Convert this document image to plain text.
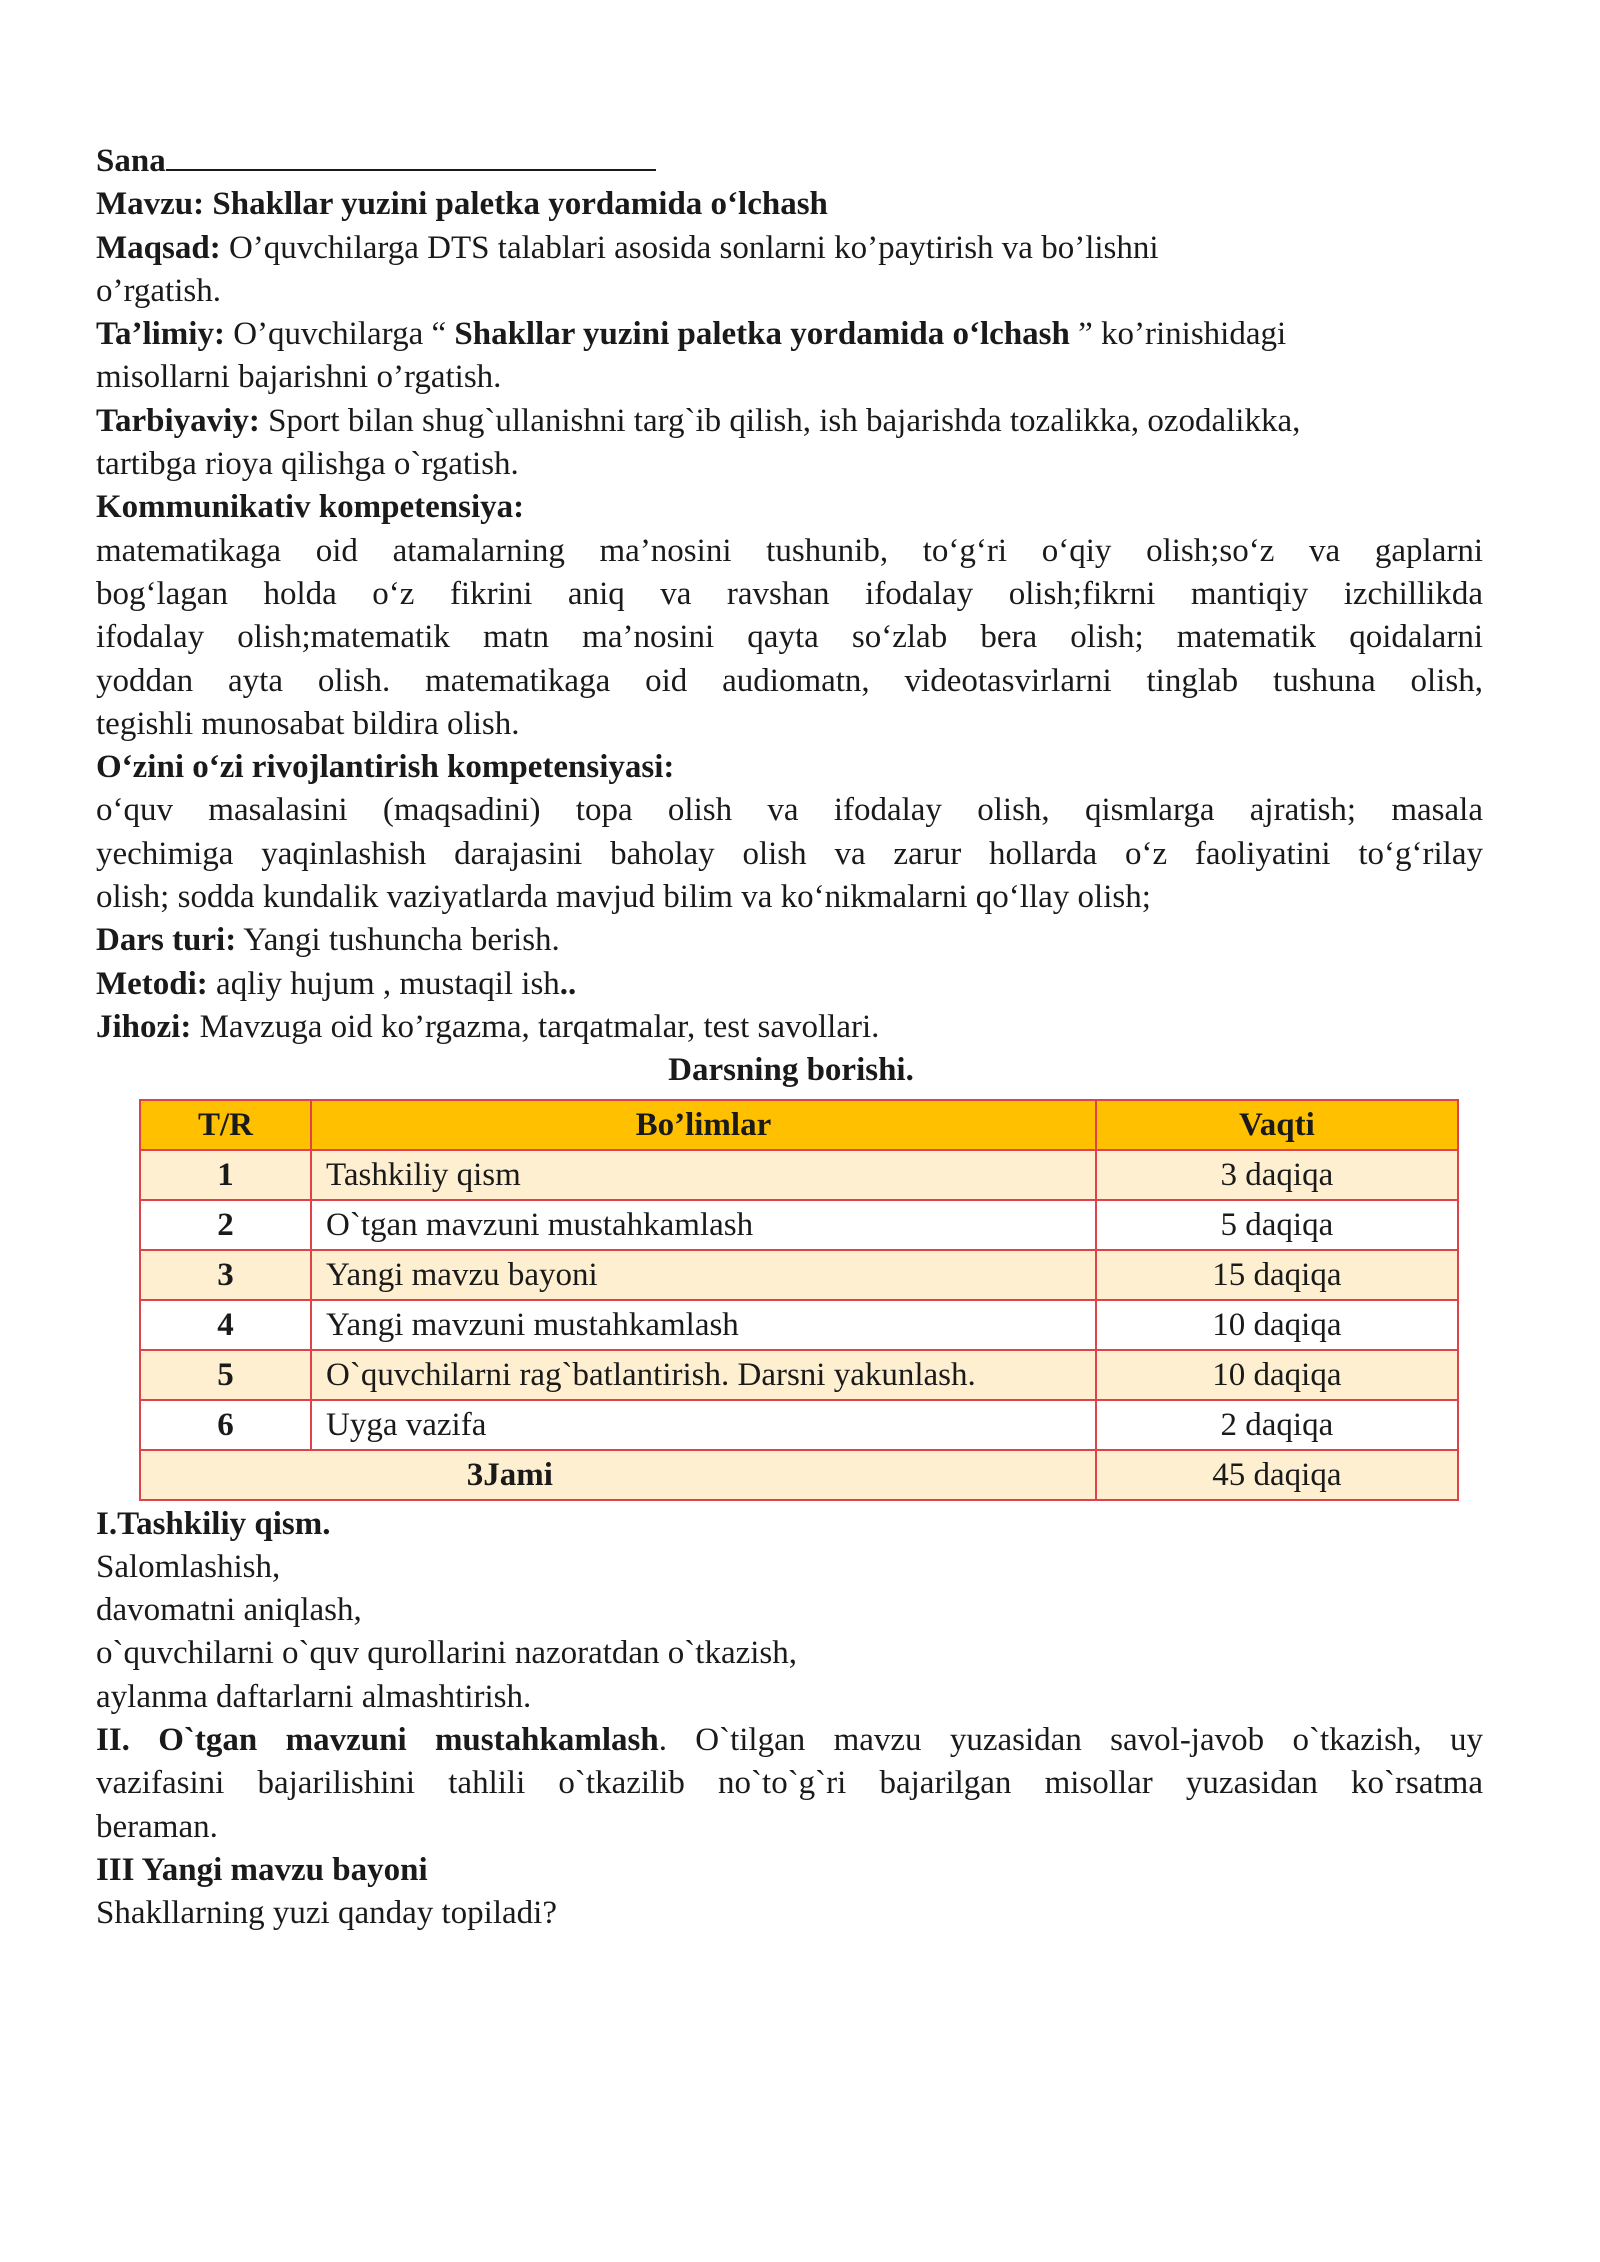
Sana

Mavzu: Shakllar yuzini paletka yordamida o‘lchash

Maqsad: O’quvchilarga DTS talablari asosida sonlarni ko’paytirish va bo’lishni

o’rgatish.

Ta’limiy: O’quvchilarga “ Shakllar yuzini paletka yordamida o‘lchash ” ko’rinishidagi

misollarni bajarishni o’rgatish.

Tarbiyaviy: Sport bilan shug`ullanishni targ`ib qilish, ish bajarishda tozalikka, ozodalikka,

tartibga rioya qilishga o`rgatish.

Kommunikativ kompetensiya:

matematikaga oid atamalarning ma’nosini tushunib, to‘g‘ri o‘qiy olish;so‘z va gaplarni

bog‘lagan holda o‘z fikrini aniq va ravshan ifodalay olish;fikrni mantiqiy izchillikda

ifodalay olish;matematik matn ma’nosini qayta so‘zlab bera olish; matematik qoidalarni

yoddan ayta olish. matematikaga oid audiomatn, videotasvirlarni tinglab tushuna olish,

tegishli munosabat bildira olish.

O‘zini o‘zi rivojlantirish kompetensiyasi:

o‘quv masalasini (maqsadini) topa olish va ifodalay olish, qismlarga ajratish; masala

yechimiga yaqinlashish darajasini baholay olish va zarur hollarda o‘z faoliyatini to‘g‘rilay

olish; sodda kundalik vaziyatlarda mavjud bilim va ko‘nikmalarni qo‘llay olish;

Dars turi: Yangi tushuncha berish.

Metodi: aqliy hujum , mustaqil ish..

Jihozi: Mavzuga oid ko’rgazma, tarqatmalar, test savollari.

Darsning borishi.

T/R	Bo’limlar	Vaqti
1	Tashkiliy qism	3 daqiqa
2	O`tgan mavzuni mustahkamlash	5 daqiqa
3	Yangi mavzu bayoni	15 daqiqa
4	Yangi mavzuni mustahkamlash	10 daqiqa
5	O`quvchilarni rag`batlantirish. Darsni yakunlash.	10 daqiqa
6	Uyga vazifa	2 daqiqa
3Jami		45 daqiqa

I.Tashkiliy qism.

Salomlashish,

davomatni aniqlash,

o`quvchilarni o`quv qurollarini nazoratdan o`tkazish,

aylanma daftarlarni almashtirish.

II. O`tgan mavzuni mustahkamlash. O`tilgan mavzu yuzasidan savol-javob o`tkazish, uy

vazifasini bajarilishini tahlili o`tkazilib no`to`g`ri bajarilgan misollar yuzasidan ko`rsatma

beraman.

III Yangi mavzu bayoni

Shakllarning yuzi qanday topiladi?
